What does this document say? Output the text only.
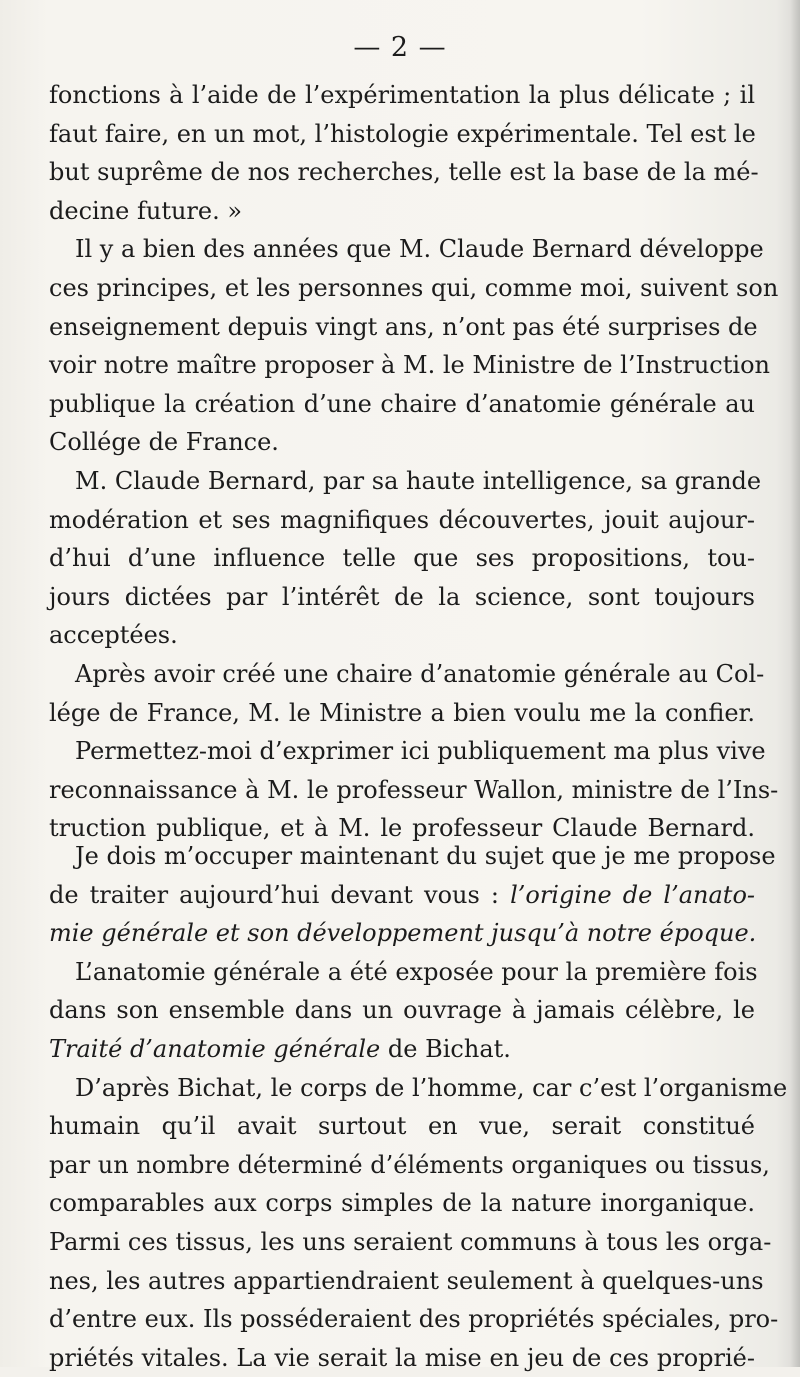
— 2 —
fonctions à l’aide de l’expérimentation la plus délicate ; il
faut faire, en un mot, l’histologie expérimentale. Tel est le
but suprême de nos recherches, telle est la base de la mé-
decine future. »
Il y a bien des années que M. Claude Bernard développe
ces principes, et les personnes qui, comme moi, suivent son
enseignement depuis vingt ans, n’ont pas été surprises de
voir notre maître proposer à M. le Ministre de l’Instruction
publique la création d’une chaire d’anatomie générale au
Collége de France.
M. Claude Bernard, par sa haute intelligence, sa grande
modération et ses magnifiques découvertes, jouit aujour-
d’hui d’une influence telle que ses propositions, tou-
jours dictées par l’intérêt de la science, sont toujours
acceptées.
Après avoir créé une chaire d’anatomie générale au Col-
lége de France, M. le Ministre a bien voulu me la confier.
Permettez-moi d’exprimer ici publiquement ma plus vive
reconnaissance à M. le professeur Wallon, ministre de l’Ins-
truction publique, et à M. le professeur Claude Bernard.
Je dois m’occuper maintenant du sujet que je me propose
de traiter aujourd’hui devant vous : l’origine de l’anato-
mie générale et son développement jusqu’à notre époque.
L’anatomie générale a été exposée pour la première fois
dans son ensemble dans un ouvrage à jamais célèbre, le
Traité d’anatomie générale de Bichat.
D’après Bichat, le corps de l’homme, car c’est l’organisme
humain qu’il avait surtout en vue, serait constitué
par un nombre déterminé d’éléments organiques ou tissus,
comparables aux corps simples de la nature inorganique.
Parmi ces tissus, les uns seraient communs à tous les orga-
nes, les autres appartiendraient seulement à quelques-uns
d’entre eux. Ils posséderaient des propriétés spéciales, pro-
priétés vitales. La vie serait la mise en jeu de ces proprié-
